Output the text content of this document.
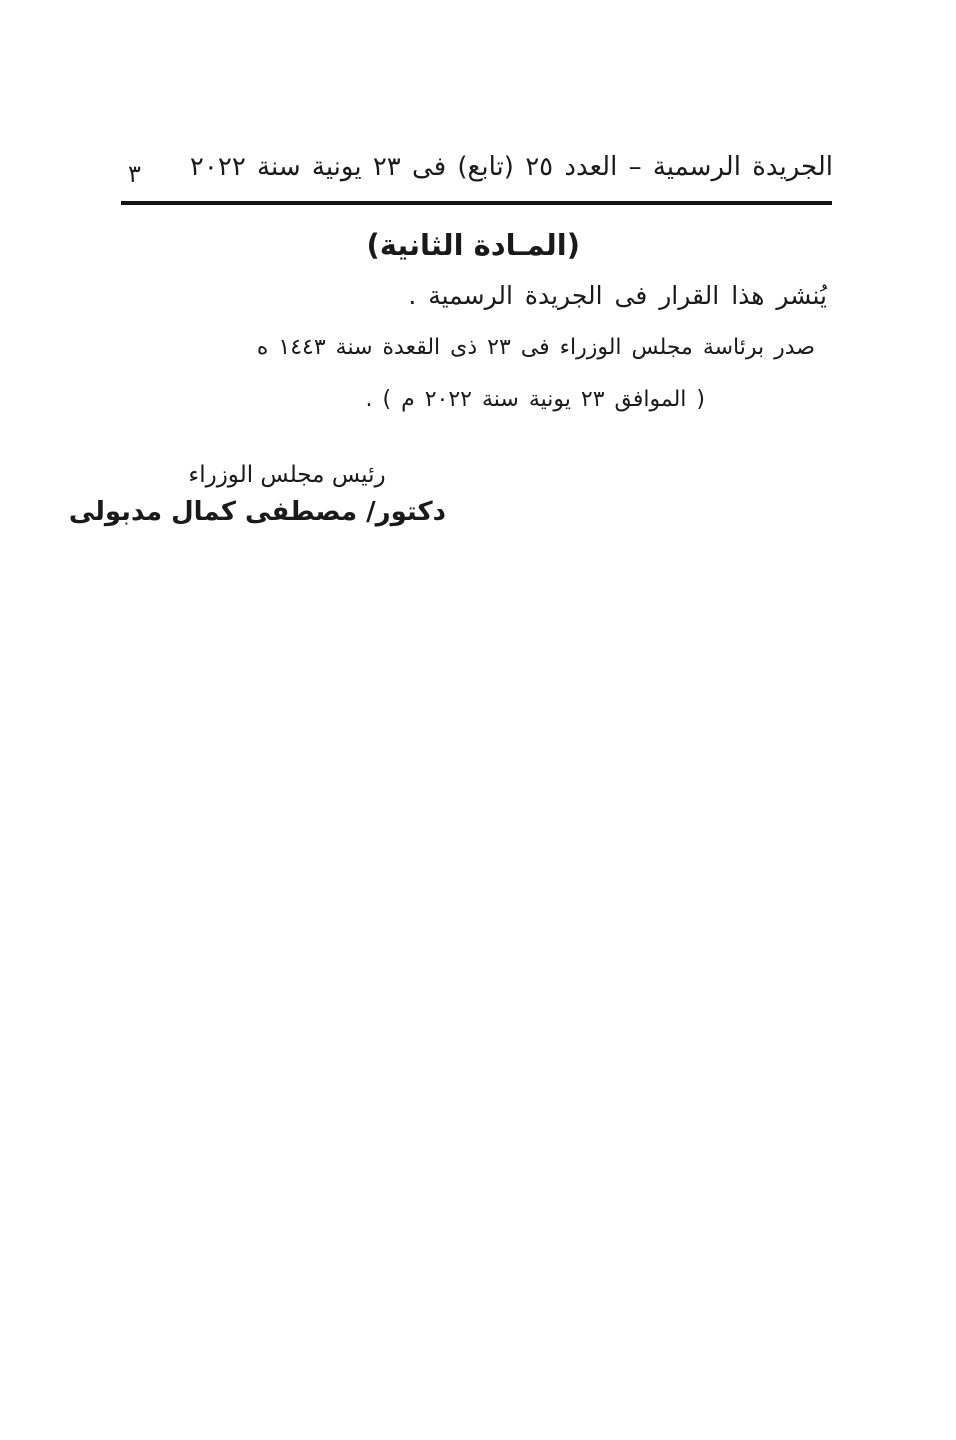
الجريدة الرسمية – العدد ٢٥ (تابع) فى ٢٣ يونية سنة ٢٠٢٢
٣
(المـادة الثانية)
يُنشر هذا القرار فى الجريدة الرسمية .
صدر برئاسة مجلس الوزراء فى ٢٣ ذى القعدة سنة ١٤٤٣ ه
( الموافق ٢٣ يونية سنة ٢٠٢٢ م ) .
رئيس مجلس الوزراء
دكتور/ مصطفى كمال مدبولى
